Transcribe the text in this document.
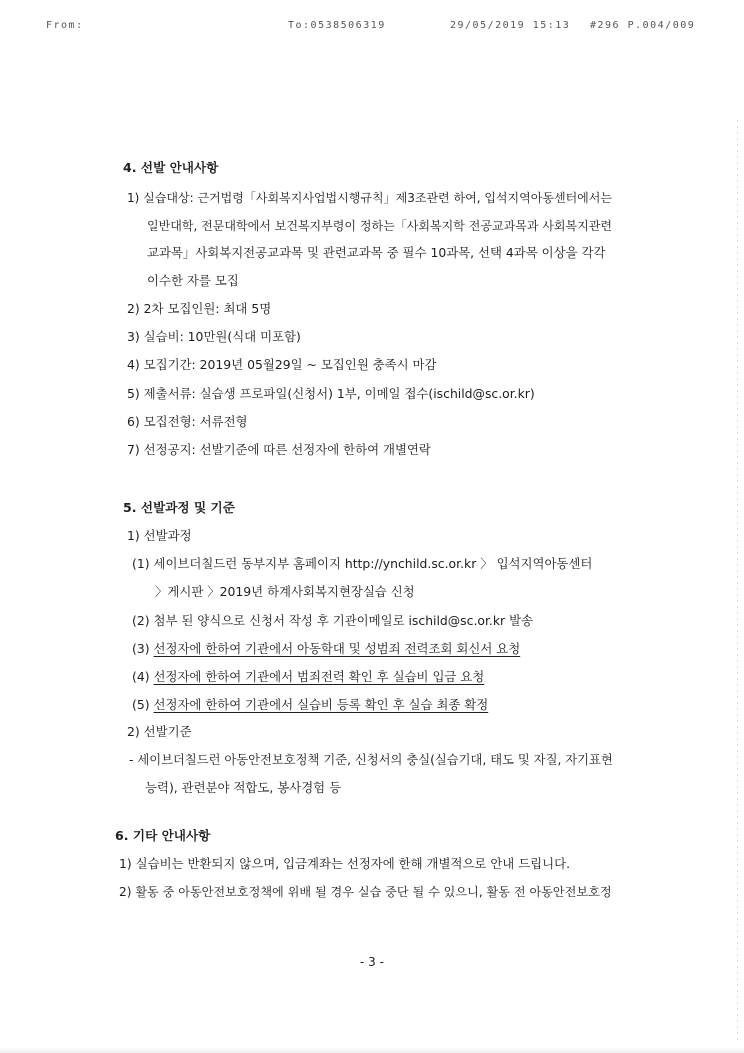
From:	To:0538506319	29/05/2019 15:13 #296 P.004/009
4. 선발 안내사항
1) 실습대상: 근거법령「사회복지사업법시행규칙」제3조관련 하여, 입석지역아동센터에서는
일반대학, 전문대학에서 보건복지부령이 정하는「사회복지학 전공교과목과 사회복지관련
교과목」사회복지전공교과목 및 관련교과목 중 필수 10과목, 선택 4과목 이상을 각각
이수한 자를 모집
2) 2차 모집인원: 최대 5명
3) 실습비: 10만원(식대 미포함)
4) 모집기간: 2019년 05월29일 ~ 모집인원 충족시 마감
5) 제출서류: 실습생 프로파일(신청서) 1부, 이메일 접수(ischild@sc.or.kr)
6) 모집전형: 서류전형
7) 선정공지: 선발기준에 따른 선정자에 한하여 개별연락
5. 선발과정 및 기준
1) 선발과정
(1) 세이브더칠드런 동부지부 홈페이지 http://ynchild.sc.or.kr 〉 입석지역아동센터
〉게시판 〉2019년 하계사회복지현장실습 신청
(2) 첨부 된 양식으로 신청서 작성 후 기관이메일로 ischild@sc.or.kr 발송
(3) 선정자에 한하여 기관에서 아동학대 및 성범죄 전력조회 회신서 요청
(4) 선정자에 한하여 기관에서 범죄전력 확인 후 실습비 입금 요청
(5) 선정자에 한하여 기관에서 실습비 등록 확인 후 실습 최종 확정
2) 선발기준
- 세이브더칠드런 아동안전보호정책 기준, 신청서의 충실(실습기대, 태도 및 자질, 자기표현
능력), 관련분야 적합도, 봉사경험 등
6. 기타 안내사항
1) 실습비는 반환되지 않으며, 입금계좌는 선정자에 한해 개별적으로 안내 드립니다.
2) 활동 중 아동안전보호정책에 위배 될 경우 실습 중단 될 수 있으니, 활동 전 아동안전보호정
- 3 -
